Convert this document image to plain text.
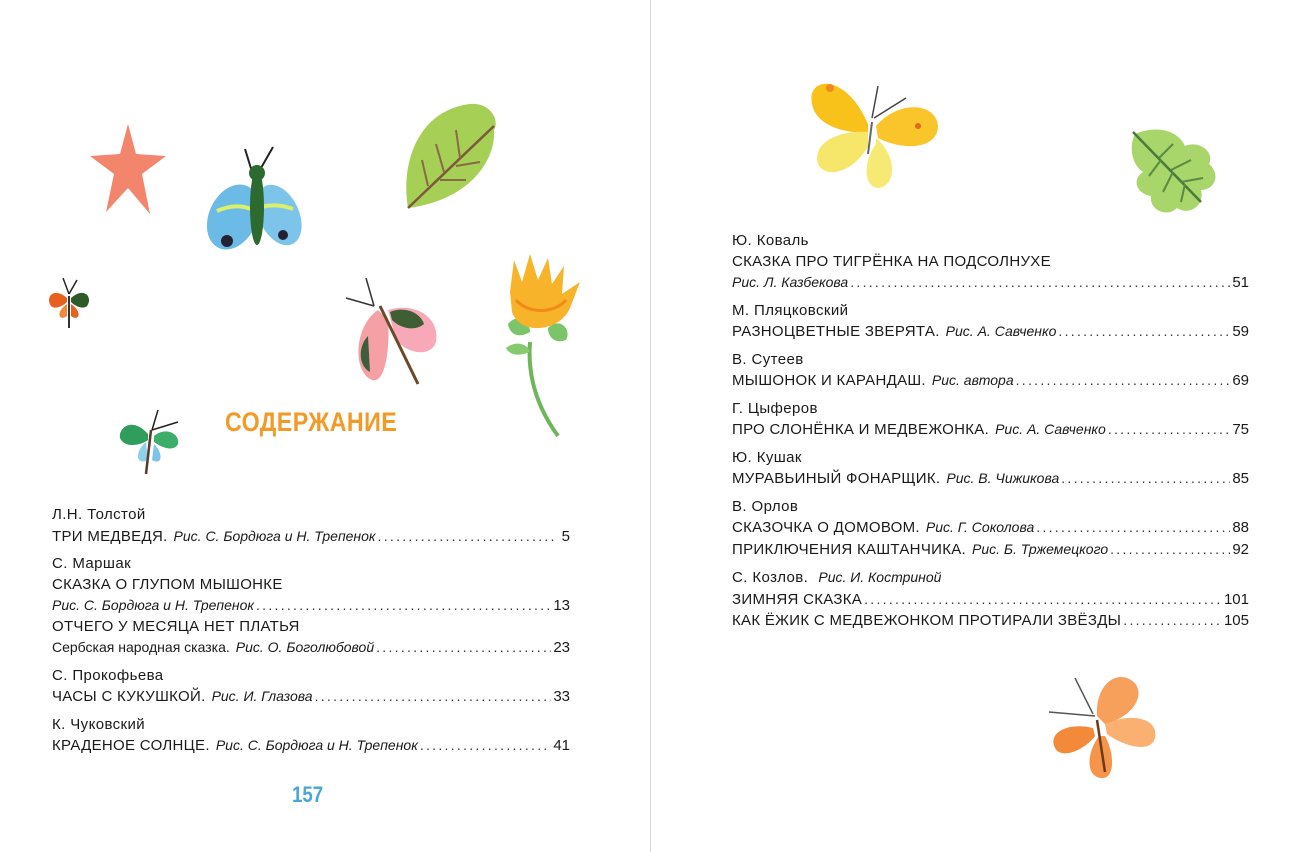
СОДЕРЖАНИЕ
Л.Н. Толстой
ТРИ МЕДВЕДЯ. Рис. С. Бордюга и Н. Трепенок . . .	5
С. Маршак
СКАЗКА О ГЛУПОМ МЫШОНКЕ
Рис. С. Бордюга и Н. Трепенок . . .	13
ОТЧЕГО У МЕСЯЦА НЕТ ПЛАТЬЯ
Сербская народная сказка. Рис. О. Боголюбовой . . .	23
С. Прокофьева
ЧАСЫ С КУКУШКОЙ. Рис. И. Глазова . . .	33
К. Чуковский
КРАДЕНОЕ СОЛНЦЕ. Рис. С. Бордюга и Н. Трепенок . . .	41
157
Ю. Коваль
СКАЗКА ПРО ТИГРЁНКА НА ПОДСОЛНУХЕ
Рис. Л. Казбекова . . .	51
М. Пляцковский
РАЗНОЦВЕТНЫЕ ЗВЕРЯТА. Рис. А. Савченко . . .	59
В. Сутеев
МЫШОНОК И КАРАНДАШ. Рис. автора . . .	69
Г. Цыферов
ПРО СЛОНЁНКА И МЕДВЕЖОНКА. Рис. А. Савченко . . .	75
Ю. Кушак
МУРАВЬИНЫЙ ФОНАРЩИК. Рис. В. Чижикова . . .	85
В. Орлов
СКАЗОЧКА О ДОМОВОМ. Рис. Г. Соколова . . .	88
ПРИКЛЮЧЕНИЯ КАШТАНЧИКА. Рис. Б. Тржемецкого . . .	92
С. Козлов. Рис. И. Костриной
ЗИМНЯЯ СКАЗКА . . .	101
КАК ЁЖИК С МЕДВЕЖОНКОМ ПРОТИРАЛИ ЗВЁЗДЫ . . .	105
